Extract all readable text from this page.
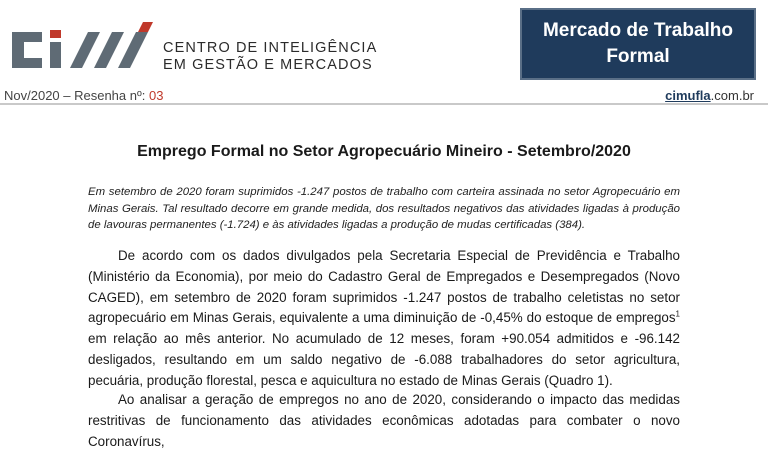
CENTRO DE INTELIGÊNCIA
EM GESTÃO E MERCADOS
Mercado de Trabalho
Formal
Nov/2020 – Resenha nº: 03	cimufla.com.br
Emprego Formal no Setor Agropecuário Mineiro - Setembro/2020
Em setembro de 2020 foram suprimidos -1.247 postos de trabalho com carteira assinada no setor Agropecuário em Minas Gerais. Tal resultado decorre em grande medida, dos resultados negativos das atividades ligadas à produção de lavouras permanentes (-1.724) e às atividades ligadas a produção de mudas certificadas (384).

De acordo com os dados divulgados pela Secretaria Especial de Previdência e Trabalho (Ministério da Economia), por meio do Cadastro Geral de Empregados e Desempregados (Novo CAGED), em setembro de 2020 foram suprimidos -1.247 postos de trabalho celetistas no setor agropecuário em Minas Gerais, equivalente a uma diminuição de -0,45% do estoque de empregos$^1$ em relação ao mês anterior. No acumulado de 12 meses, foram +90.054 admitidos e -96.142 desligados, resultando em um saldo negativo de -6.088 trabalhadores do setor agricultura, pecuária, produção florestal, pesca e aquicultura no estado de Minas Gerais (Quadro 1).

Ao analisar a geração de empregos no ano de 2020, considerando o impacto das medidas restritivas de funcionamento das atividades econômicas adotadas para combater o novo Coronavírus,
